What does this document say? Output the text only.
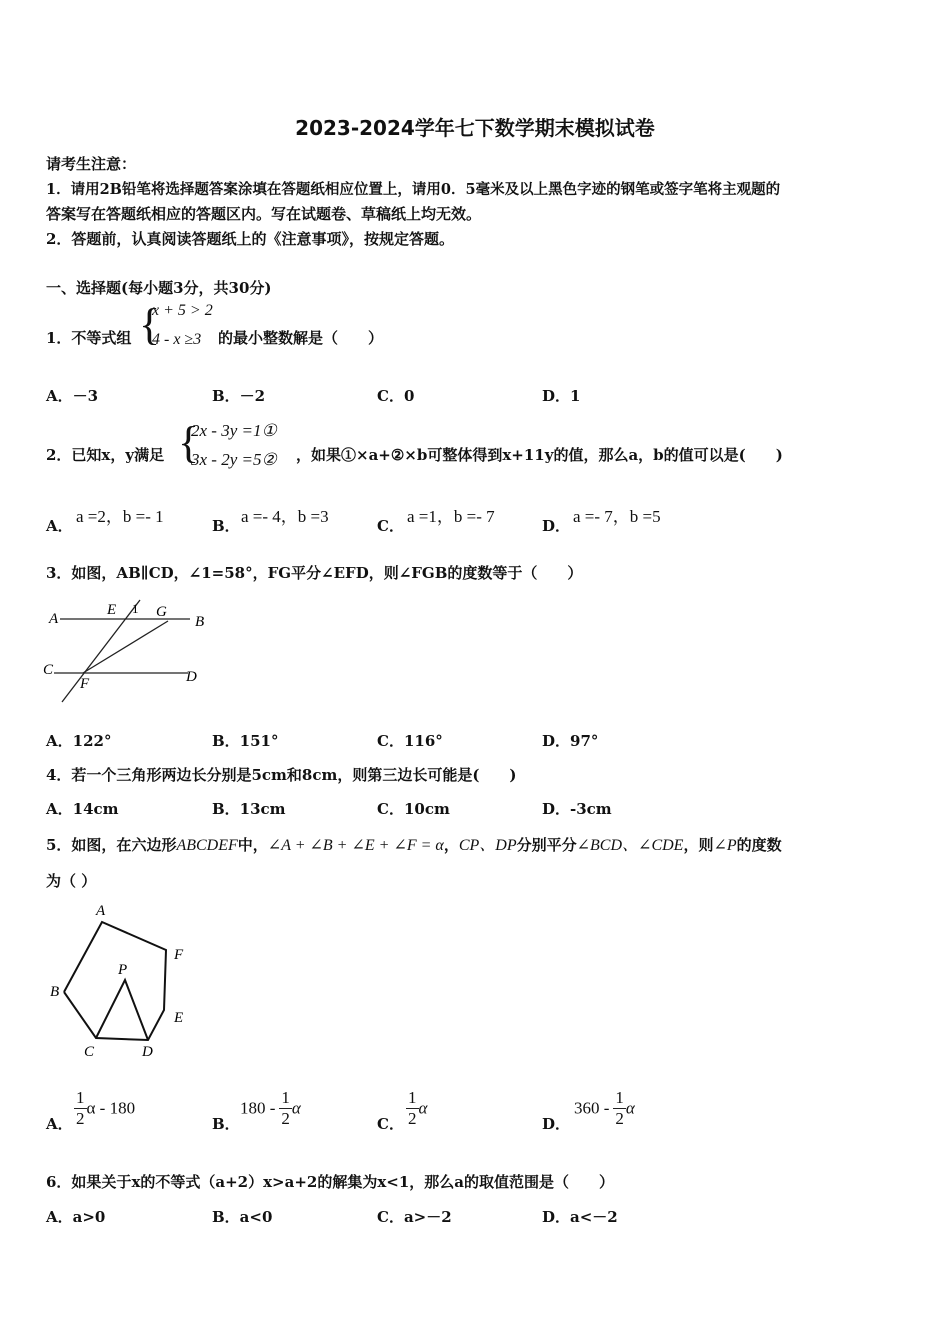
2023-2024学年七下数学期末模拟试卷
请考生注意：
1．请用2B铅笔将选择题答案涂填在答题纸相应位置上，请用0．5毫米及以上黑色字迹的钢笔或签字笔将主观题的
答案写在答题纸相应的答题区内。写在试题卷、草稿纸上均无效。
2．答题前，认真阅读答题纸上的《注意事项》，按规定答题。
一、选择题(每小题3分，共30分)
1．不等式组 {
x + 5 > 2
4 - x ≥3 的最小整数解是（　　）
A．－3	B．－2	C．0	D．1
2．已知x，y满足 {
2x - 3y =1①
3x - 2y =5② ，如果①×a+②×b可整体得到x+11y的值，那么a，b的值可以是(　　)
A． a =2，b =- 1	B． a =- 4，b =3	C． a =1，b =- 7	D． a =- 7，b =5
3．如图，AB∥CD，∠1=58°，FG平分∠EFD，则∠FGB的度数等于（　　）
A
E 1 G
B
C
F	D
A．122°	B．151°	C．116°	D．97°
4．若一个三角形两边长分别是5cm和8cm，则第三边长可能是(　　)
A．14cm	B．13cm	C．10cm	D．-3cm
5．如图，在六边形ABCDEF中，∠A + ∠B + ∠E + ∠F = α，CP、DP分别平分∠BCD、∠CDE，则∠P的度数
为（ ）
A
F
P
B
E
C	D
A． $\frac{1}{2}$ α - 180
B．
$180 - \frac{1}{2}$ α
C． $\frac{1}{2}$ α
D．
$360 - \frac{1}{2}$ α
6．如果关于x的不等式（a+2）x>a+2的解集为x<1，那么a的取值范围是（　　）
A．a>0	B．a<0	C．a>－2	D．a<－2
